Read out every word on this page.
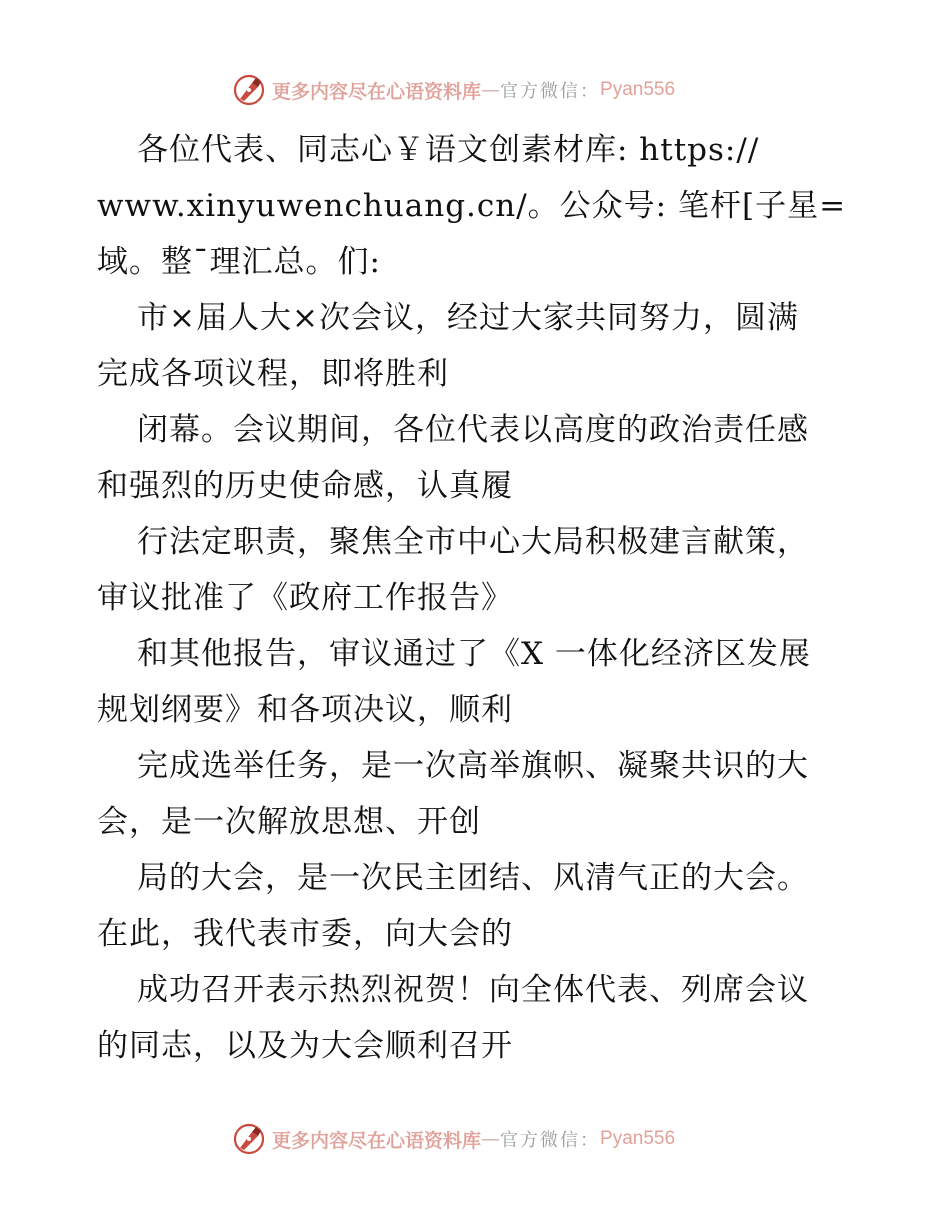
更多内容尽在心语资料库 — 官方微信： Pyan556
各位代表、同志心￥语文创素材库: https://
www.xinyuwenchuang.cn/。公众号: 笔杆[子星=
域。整¯理汇总。们:
市×届人大×次会议，经过大家共同努力，圆满
完成各项议程，即将胜利
闭幕。会议期间，各位代表以高度的政治责任感
和强烈的历史使命感，认真履
行法定职责，聚焦全市中心大局积极建言献策，
审议批准了《政府工作报告》
和其他报告，审议通过了《X 一体化经济区发展
规划纲要》和各项决议，顺利
完成选举任务，是一次高举旗帜、凝聚共识的大
会，是一次解放思想、开创
局的大会，是一次民主团结、风清气正的大会。
在此，我代表市委，向大会的
成功召开表示热烈祝贺！向全体代表、列席会议
的同志，以及为大会顺利召开
更多内容尽在心语资料库 — 官方微信： Pyan556
